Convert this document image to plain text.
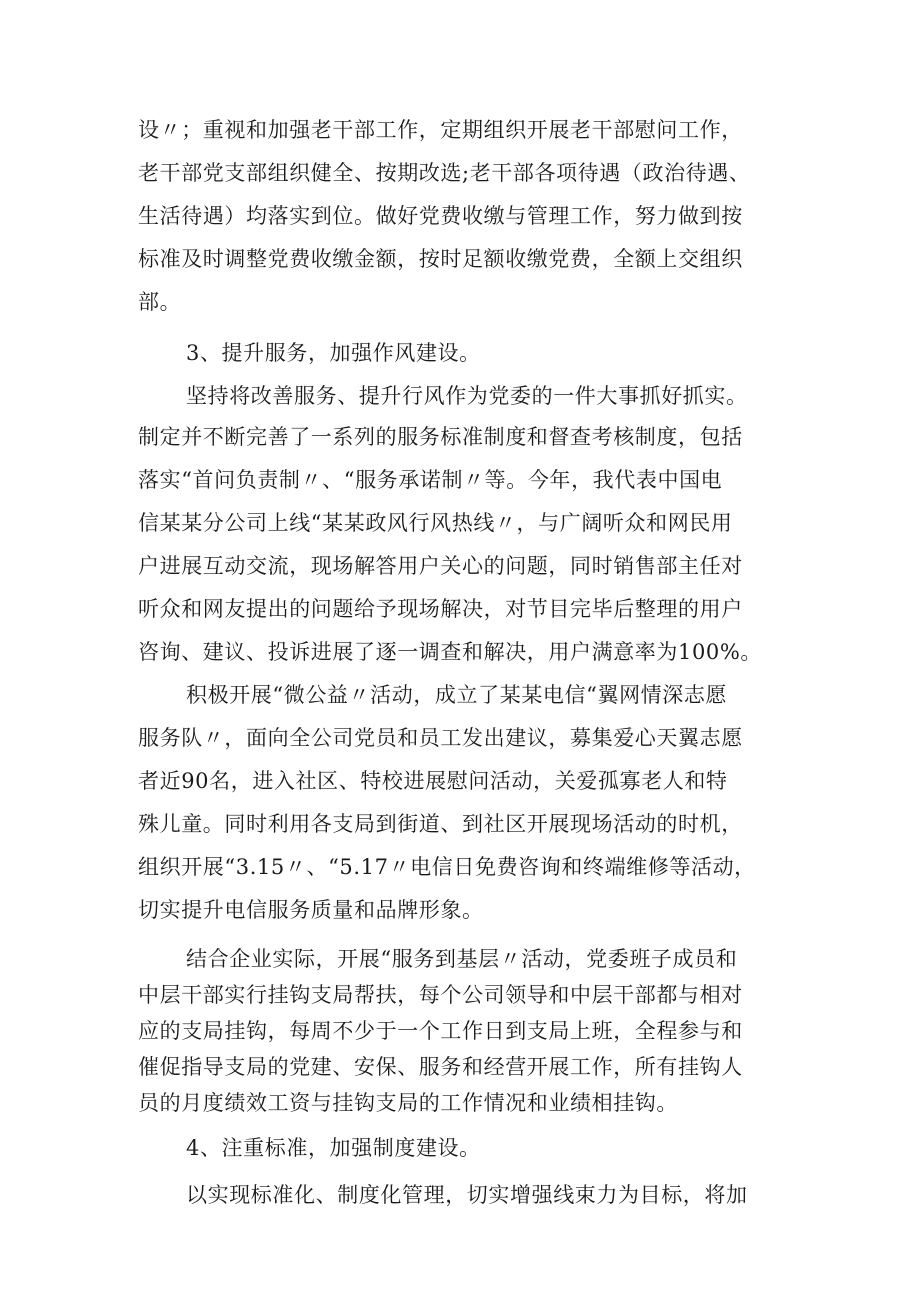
设〃；重视和加强老干部工作，定期组织开展老干部慰问工作，
老干部党支部组织健全、按期改选;老干部各项待遇（政治待遇、
生活待遇）均落实到位。做好党费收缴与管理工作，努力做到按
标准及时调整党费收缴金额，按时足额收缴党费，全额上交组织
部。
3、提升服务，加强作风建设。
坚持将改善服务、提升行风作为党委的一件大事抓好抓实。
制定并不断完善了一系列的服务标准制度和督查考核制度，包括
落实“首问负责制〃、“服务承诺制〃等。今年，我代表中国电
信某某分公司上线“某某政风行风热线〃，与广阔听众和网民用
户进展互动交流，现场解答用户关心的问题，同时销售部主任对
听众和网友提出的问题给予现场解决，对节目完毕后整理的用户
咨询、建议、投诉进展了逐一调查和解决，用户满意率为100%。
积极开展“微公益〃活动，成立了某某电信“翼网情深志愿
服务队〃，面向全公司党员和员工发出建议，募集爱心天翼志愿
者近90名，进入社区、特校进展慰问活动，关爱孤寡老人和特
殊儿童。同时利用各支局到街道、到社区开展现场活动的时机，
组织开展“3.15〃、“5.17〃电信日免费咨询和终端维修等活动，
切实提升电信服务质量和品牌形象。
结合企业实际，开展“服务到基层〃活动，党委班子成员和
中层干部实行挂钩支局帮扶，每个公司领导和中层干部都与相对
应的支局挂钩，每周不少于一个工作日到支局上班，全程参与和
催促指导支局的党建、安保、服务和经营开展工作，所有挂钩人
员的月度绩效工资与挂钩支局的工作情况和业绩相挂钩。
4、注重标准，加强制度建设。
以实现标准化、制度化管理，切实增强线束力为目标，将加
